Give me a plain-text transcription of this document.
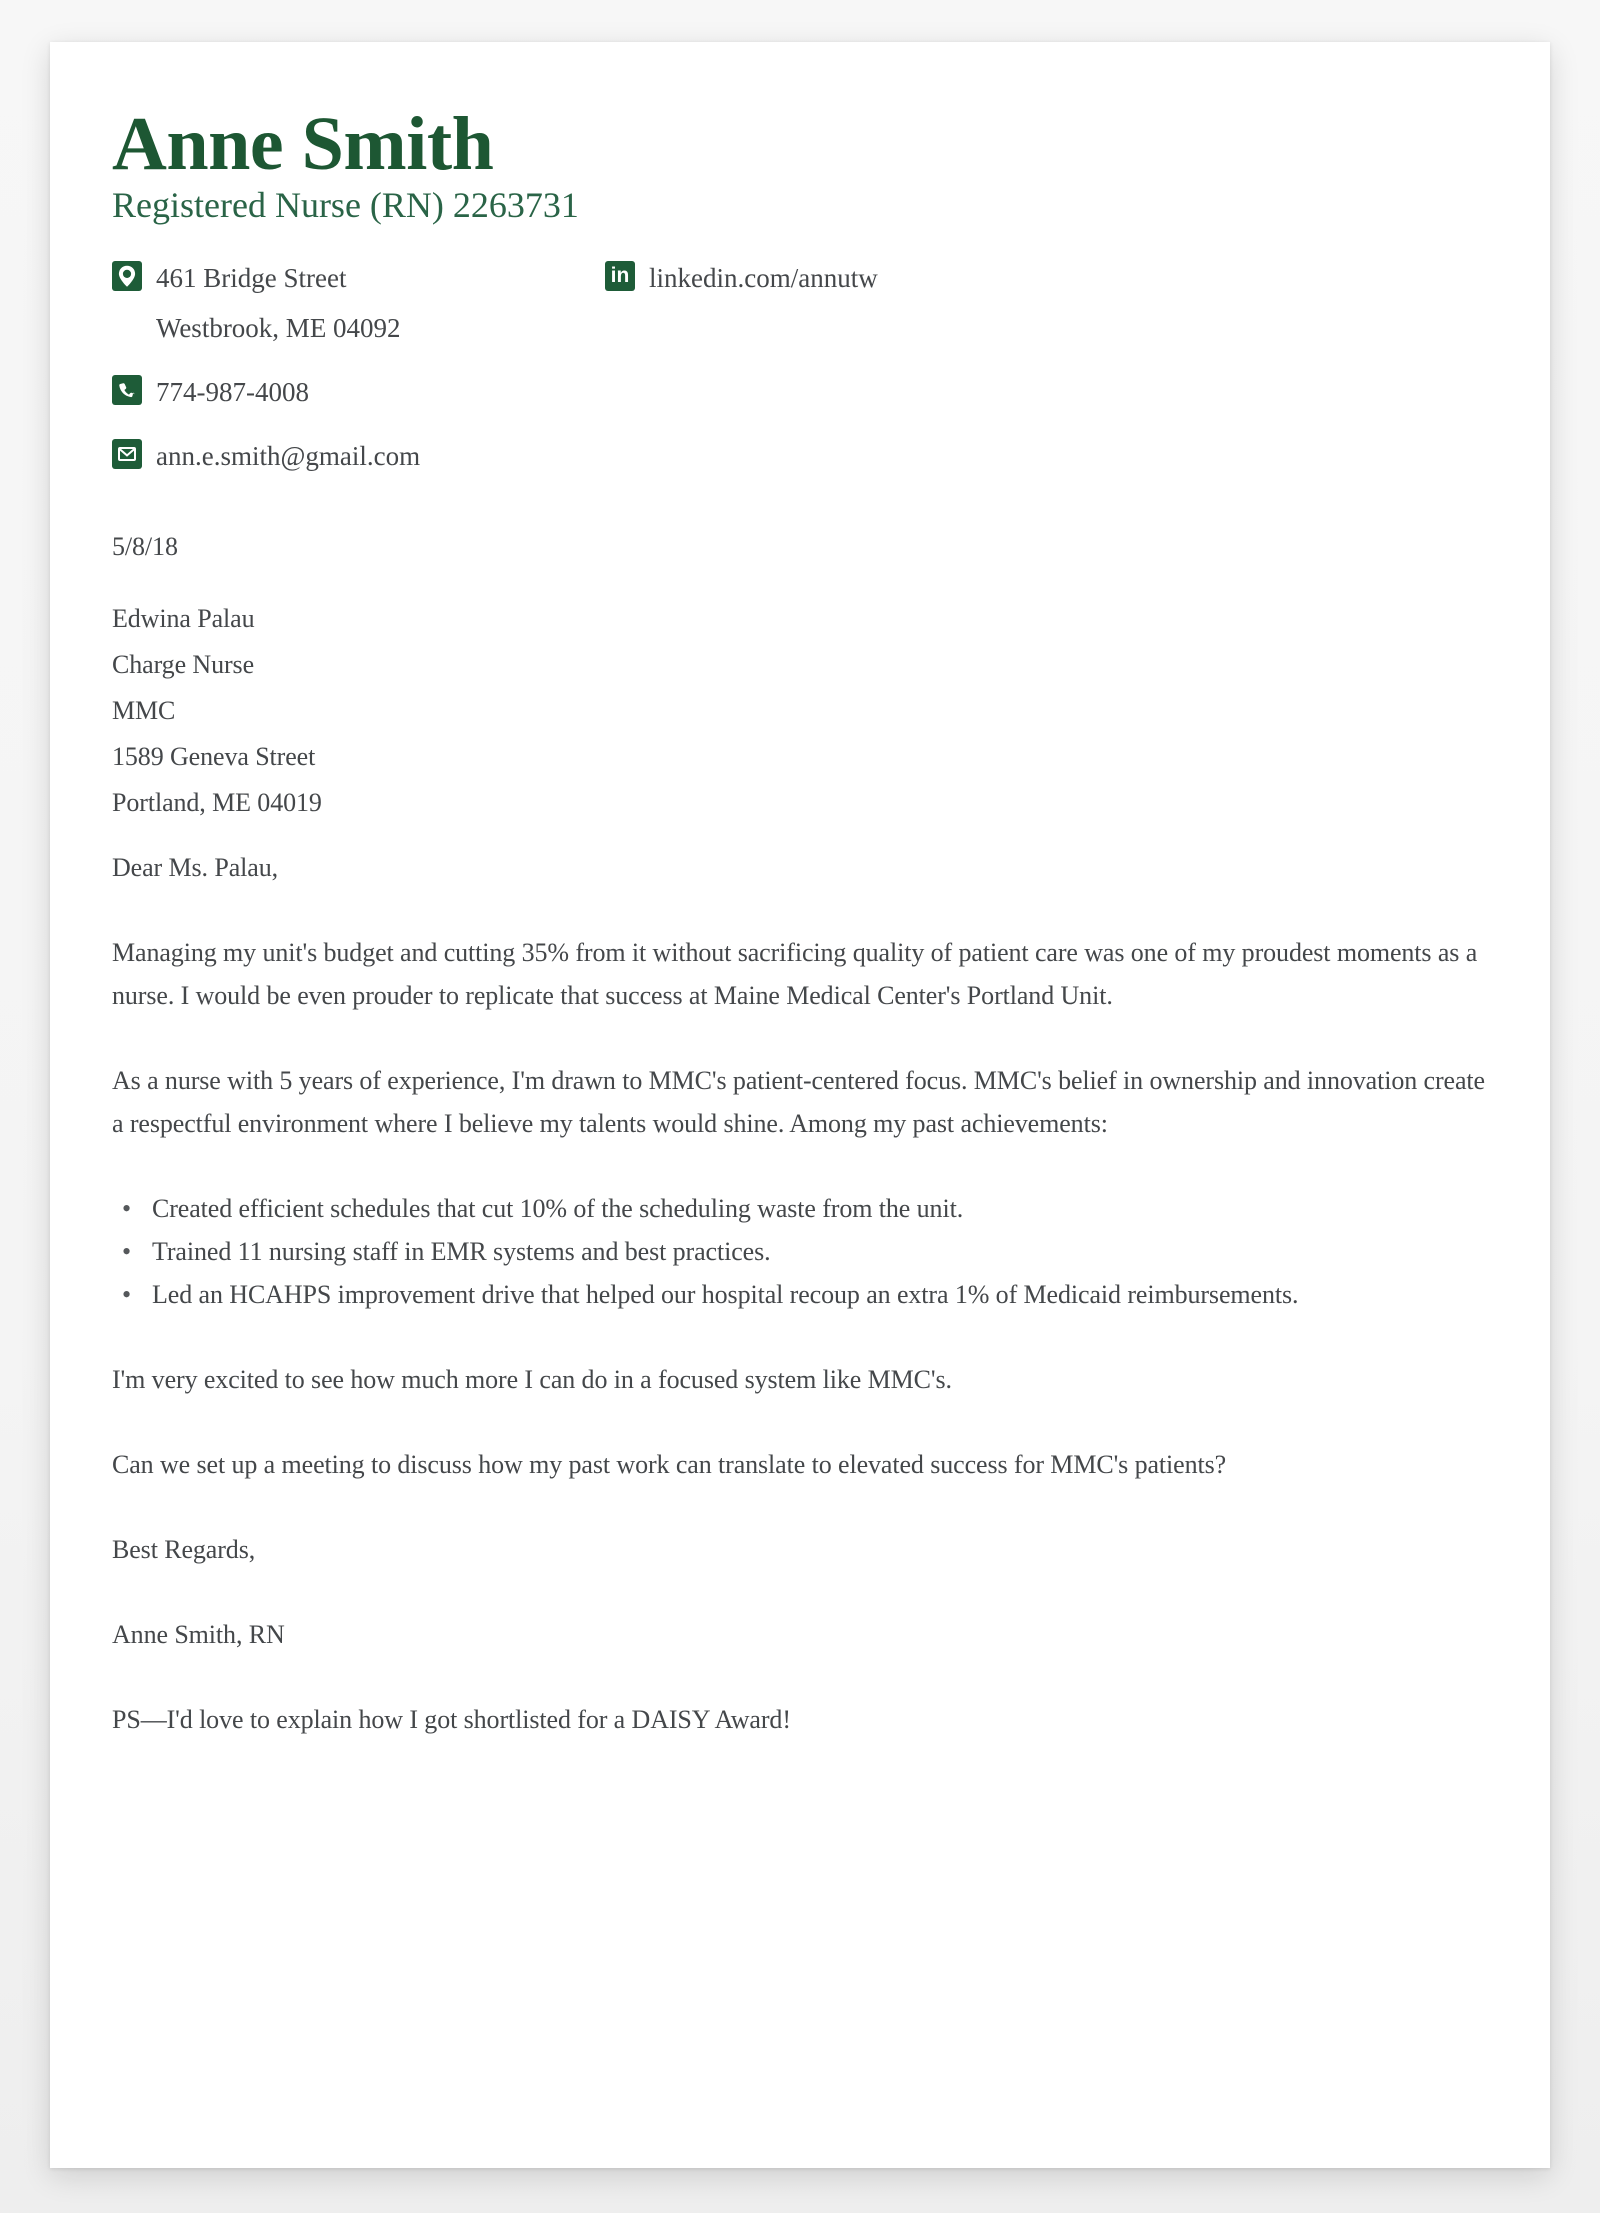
Anne Smith
Registered Nurse (RN) 2263731
461 Bridge Street
Westbrook, ME 04092
in linkedin.com/annutw
774-987-4008
ann.e.smith@gmail.com

5/8/18

Edwina Palau
Charge Nurse
MMC
1589 Geneva Street
Portland, ME 04019

Dear Ms. Palau,

Managing my unit's budget and cutting 35% from it without sacrificing quality of patient care was one of my proudest moments as a nurse. I would be even prouder to replicate that success at Maine Medical Center's Portland Unit.

As a nurse with 5 years of experience, I'm drawn to MMC's patient-centered focus. MMC's belief in ownership and innovation create a respectful environment where I believe my talents would shine. Among my past achievements:

• Created efficient schedules that cut 10% of the scheduling waste from the unit.
• Trained 11 nursing staff in EMR systems and best practices.
• Led an HCAHPS improvement drive that helped our hospital recoup an extra 1% of Medicaid reimbursements.

I'm very excited to see how much more I can do in a focused system like MMC's.

Can we set up a meeting to discuss how my past work can translate to elevated success for MMC's patients?

Best Regards,

Anne Smith, RN

PS—I'd love to explain how I got shortlisted for a DAISY Award!
